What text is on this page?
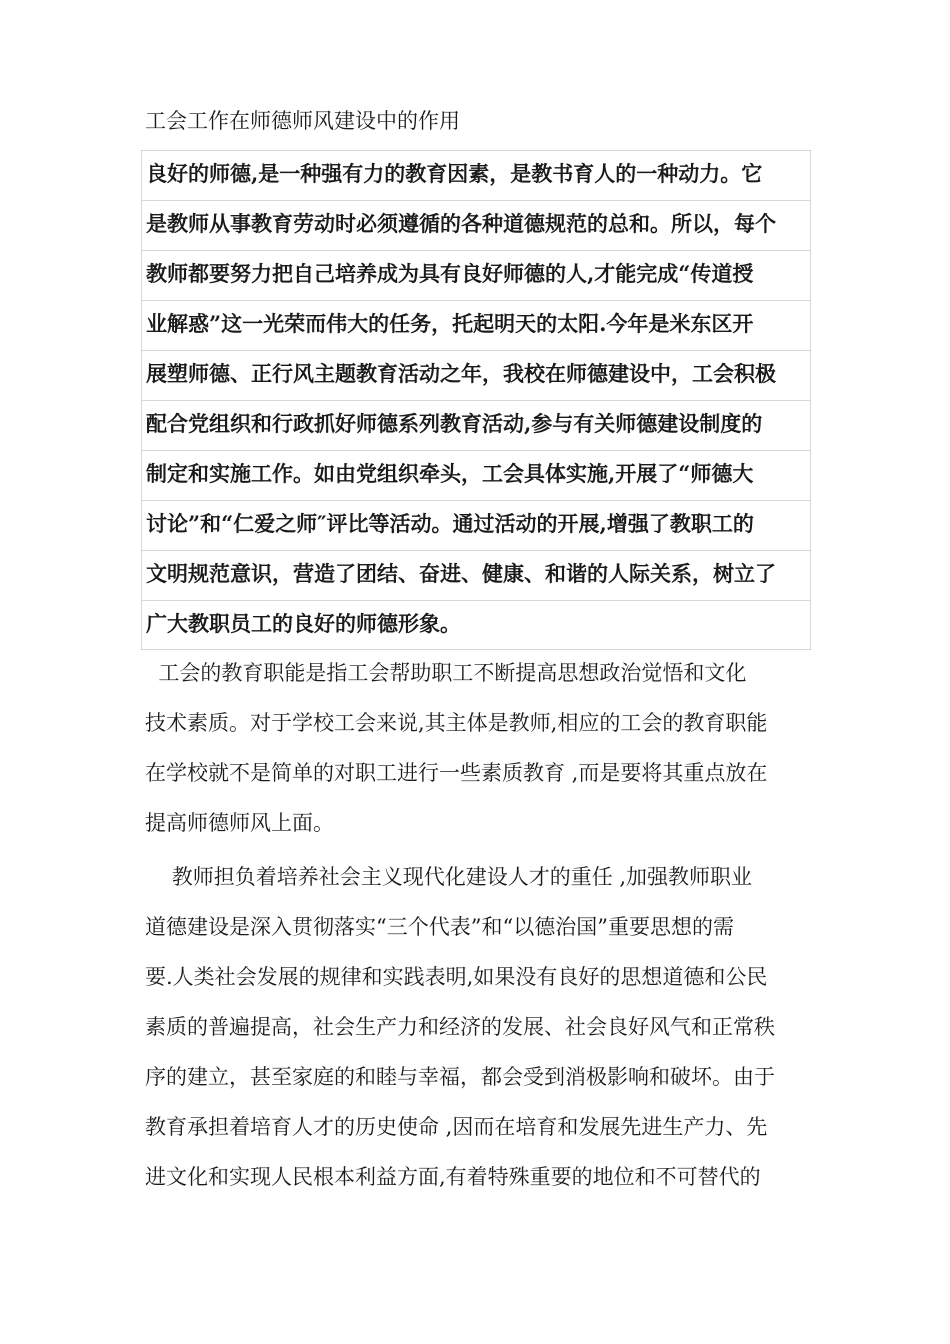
工会工作在师德师风建设中的作用
良好的师德,是一种强有力的教育因素，是教书育人的一种动力。它
是教师从事教育劳动时必须遵循的各种道德规范的总和。所以，每个
教师都要努力把自己培养成为具有良好师德的人,才能完成“传道授
业解惑”这一光荣而伟大的任务，托起明天的太阳.今年是米东区开
展塑师德、正行风主题教育活动之年，我校在师德建设中，工会积极
配合党组织和行政抓好师德系列教育活动,参与有关师德建设制度的
制定和实施工作。如由党组织牵头，工会具体实施,开展了“师德大
讨论”和“仁爱之师″评比等活动。通过活动的开展,增强了教职工的
文明规范意识，营造了团结、奋进、健康、和谐的人际关系，树立了
广大教职员工的良好的师德形象。
工会的教育职能是指工会帮助职工不断提高思想政治觉悟和文化
技术素质。对于学校工会来说,其主体是教师,相应的工会的教育职能
在学校就不是简单的对职工进行一些素质教育 ,而是要将其重点放在
提高师德师风上面。
教师担负着培养社会主义现代化建设人才的重任 ,加强教师职业
道德建设是深入贯彻落实“三个代表”和“以德治国”重要思想的需
要.人类社会发展的规律和实践表明,如果没有良好的思想道德和公民
素质的普遍提高，社会生产力和经济的发展、社会良好风气和正常秩
序的建立，甚至家庭的和睦与幸福，都会受到消极影响和破坏。由于
教育承担着培育人才的历史使命 ,因而在培育和发展先进生产力、先
进文化和实现人民根本利益方面,有着特殊重要的地位和不可替代的
